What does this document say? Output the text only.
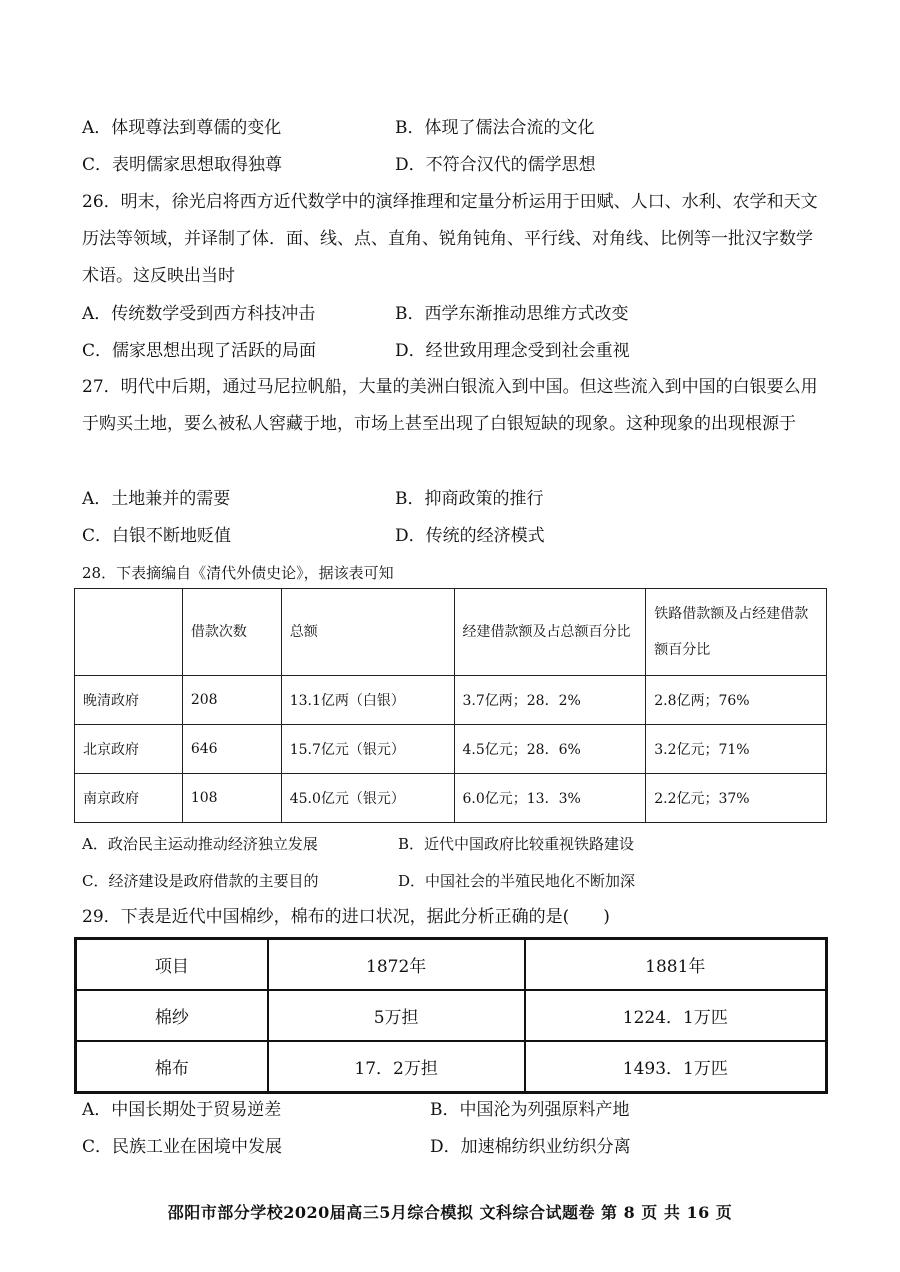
A．体现尊法到尊儒的变化	B．体现了儒法合流的文化
C．表明儒家思想取得独尊	D．不符合汉代的儒学思想
26．明末，徐光启将西方近代数学中的演绎推理和定量分析运用于田赋、人口、水利、农学和天文历法等领域，并译制了体．面、线、点、直角、锐角钝角、平行线、对角线、比例等一批汉字数学术语。这反映出当时
A．传统数学受到西方科技冲击	B．西学东渐推动思维方式改变
C．儒家思想出现了活跃的局面	D．经世致用理念受到社会重视
27．明代中后期，通过马尼拉帆船，大量的美洲白银流入到中国。但这些流入到中国的白银要么用于购买土地，要么被私人窖藏于地，市场上甚至出现了白银短缺的现象。这种现象的出现根源于
A．土地兼并的需要	B．抑商政策的推行
C．白银不断地贬值	D．传统的经济模式
28．下表摘编自《清代外债史论》，据该表可知
	借款次数	总额	经建借款额及占总额百分比	铁路借款额及占经建借款额百分比
晚清政府	208	13.1亿两（白银）	3.7亿两；28．2%	2.8亿两；76%
北京政府	646	15.7亿元（银元）	4.5亿元；28．6%	3.2亿元；71%
南京政府	108	45.0亿元（银元）	6.0亿元；13．3%	2.2亿元；37%
A．政治民主运动推动经济独立发展	B．近代中国政府比较重视铁路建设
C．经济建设是政府借款的主要目的	D．中国社会的半殖民地化不断加深
29．下表是近代中国棉纱，棉布的进口状况，据此分析正确的是(　　)
项目	1872年	1881年
棉纱	5万担	1224．1万匹
棉布	17．2万担	1493．1万匹
A．中国长期处于贸易逆差	B．中国沦为列强原料产地
C．民族工业在困境中发展	D．加速棉纺织业纺织分离
邵阳市部分学校2020届高三5月综合模拟 文科综合试题卷 第 8 页 共 16 页
